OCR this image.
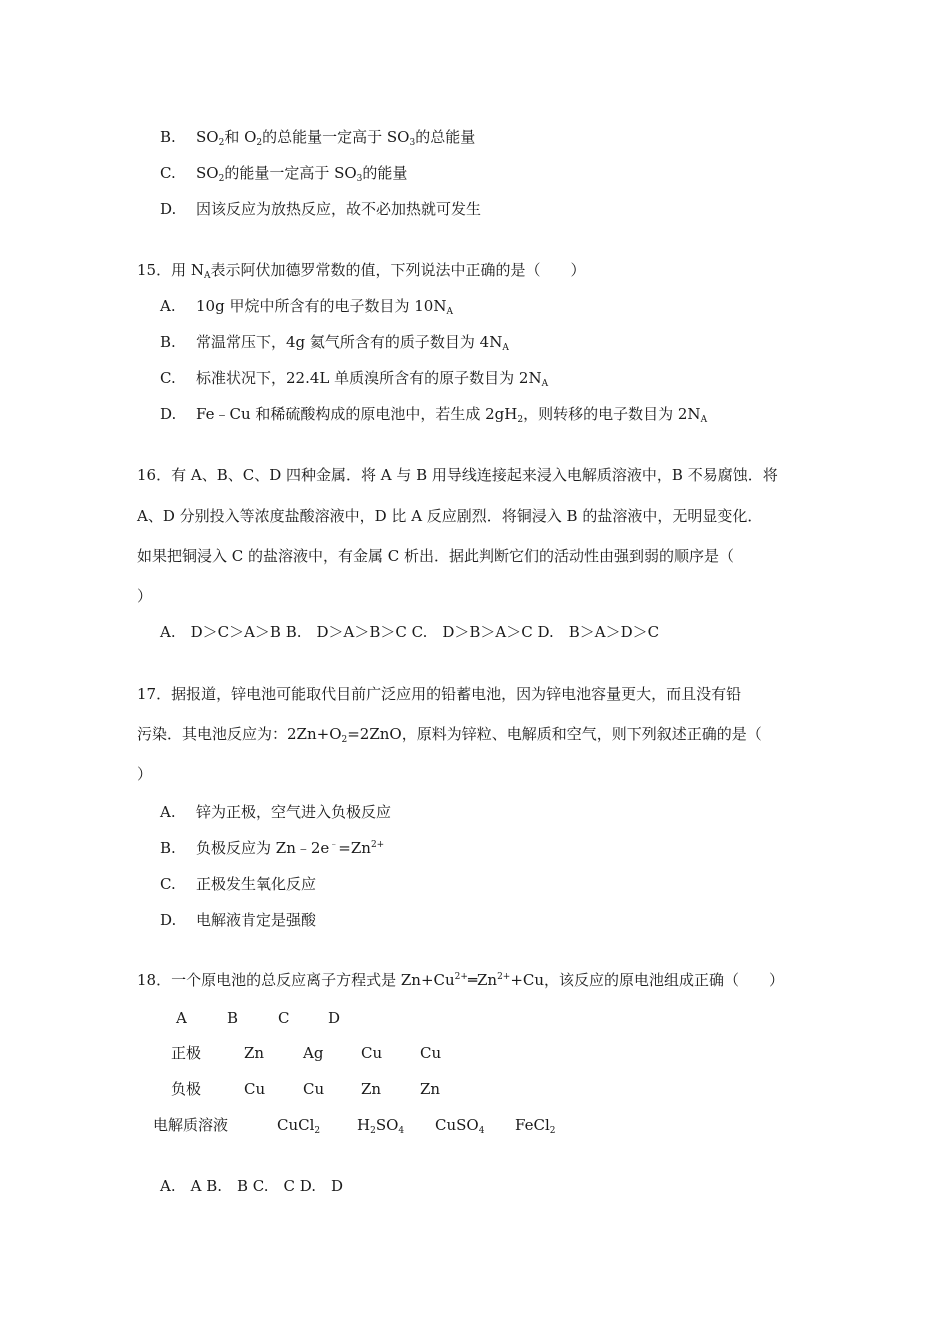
B. $SO_2$和 $O_2$的总能量一定高于 $SO_3$的总能量
C. $SO_2$的能量一定高于 $SO_3$的能量
D. 因该反应为放热反应，故不必加热就可发生
15．用 $N_A$表示阿伏加德罗常数的值，下列说法中正确的是（　　）
A. 10g 甲烷中所含有的电子数目为 $10N_A$
B. 常温常压下，4g 氦气所含有的质子数目为 $4N_A$
C. 标准状况下，22.4L 单质溴所含有的原子数目为 $2N_A$
D. Fe﹣Cu 和稀硫酸构成的原电池中，若生成 $2gH_2$，则转移的电子数目为 $2N_A$
16．有 A、B、C、D 四种金属．将 A 与 B 用导线连接起来浸入电解质溶液中，B 不易腐蚀．将
A、D 分别投入等浓度盐酸溶液中，D 比 A 反应剧烈．将铜浸入 B 的盐溶液中，无明显变化．
如果把铜浸入 C 的盐溶液中，有金属 C 析出．据此判断它们的活动性由强到弱的顺序是（
）
A.　D＞C＞A＞B B.　D＞A＞B＞C C.　D＞B＞A＞C D.　B＞A＞D＞C
17．据报道，锌电池可能取代目前广泛应用的铅蓄电池，因为锌电池容量更大，而且没有铅
污染．其电池反应为：$2Zn+O_2=2ZnO$，原料为锌粒、电解质和空气，则下列叙述正确的是（
）
A. 锌为正极，空气进入负极反应
B. 负极反应为 $Zn﹣2e^﹣=Zn^{2+}$
C. 正极发生氧化反应
D. 电解液肯定是强酸
18．一个原电池的总反应离子方程式是 $Zn+Cu^{2+}═Zn^{2+}+Cu$，该反应的原电池组成正确（　　）
A	B	C	D
正极	Zn	Ag	Cu	Cu
负极	Cu	Cu Zn	Zn
电解质溶液	CuCl$_2$ $H_2SO_4$ CuSO$_4$ FeCl$_2$
A.　A B.　B C.　C D.　D
